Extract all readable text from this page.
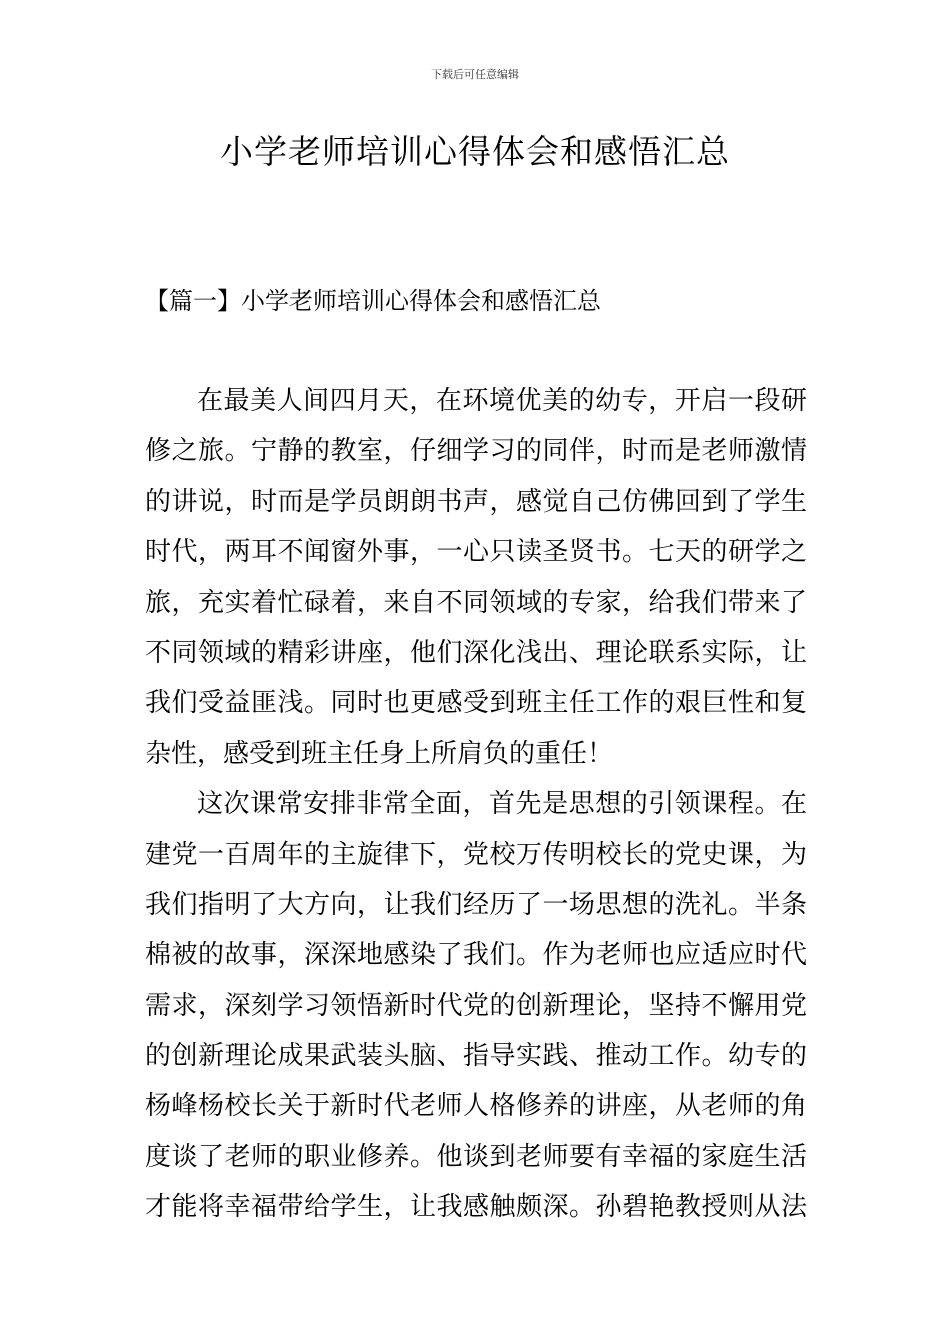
下载后可任意编辑
小学老师培训心得体会和感悟汇总
【篇一】小学老师培训心得体会和感悟汇总
在最美人间四月天，在环境优美的幼专，开启一段研
修之旅。宁静的教室，仔细学习的同伴，时而是老师激情
的讲说，时而是学员朗朗书声，感觉自己仿佛回到了学生
时代，两耳不闻窗外事，一心只读圣贤书。七天的研学之
旅，充实着忙碌着，来自不同领域的专家，给我们带来了
不同领域的精彩讲座，他们深化浅出、理论联系实际，让
我们受益匪浅。同时也更感受到班主任工作的艰巨性和复
杂性，感受到班主任身上所肩负的重任！
这次课常安排非常全面，首先是思想的引领课程。在
建党一百周年的主旋律下，党校万传明校长的党史课，为
我们指明了大方向，让我们经历了一场思想的洗礼。半条
棉被的故事，深深地感染了我们。作为老师也应适应时代
需求，深刻学习领悟新时代党的创新理论，坚持不懈用党
的创新理论成果武装头脑、指导实践、推动工作。幼专的
杨峰杨校长关于新时代老师人格修养的讲座，从老师的角
度谈了老师的职业修养。他谈到老师要有幸福的家庭生活
才能将幸福带给学生，让我感触颇深。孙碧艳教授则从法
